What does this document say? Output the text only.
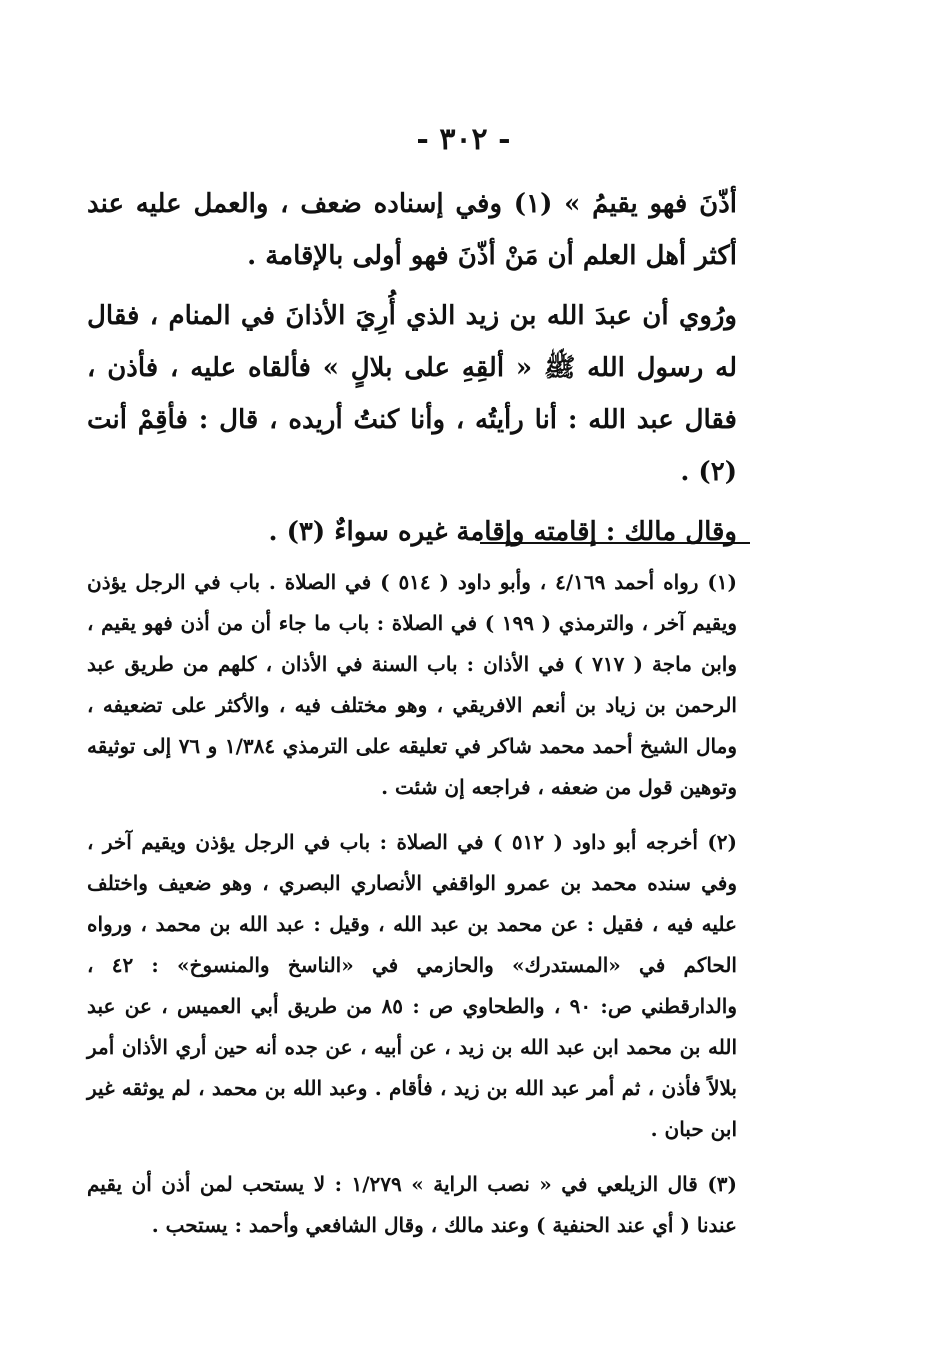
- ٣٠٢ -

أذّنَ فهو يقيمُ » (١) وفي إسناده ضعف ، والعمل عليه عند أكثر أهل العلم أن مَنْ أذّنَ فهو أولى بالإقامة .

ورُوي أن عبدَ الله بن زيد الذي أُرِيَ الأذانَ في المنام ، فقال له رسول الله ﷺ « ألقِهِ على بلالٍ » فألقاه عليه ، فأذن ، فقال عبد الله : أنا رأيتُه ، وأنا كنتُ أريده ، قال : فأقِمْ أنت (٢) .

وقال مالك : إقامته وإقامة غيره سواءٌ (٣) .

(١) رواه أحمد ٤/١٦٩ ، وأبو داود ( ٥١٤ ) في الصلاة . باب في الرجل يؤذن ويقيم آخر ، والترمذي ( ١٩٩ ) في الصلاة : باب ما جاء أن من أذن فهو يقيم ، وابن ماجة ( ٧١٧ ) في الأذان : باب السنة في الأذان ، كلهم من طريق عبد الرحمن بن زياد بن أنعم الافريقي ، وهو مختلف فيه ، والأكثر على تضعيفه ، ومال الشيخ أحمد محمد شاكر في تعليقه على الترمذي ١/٣٨٤ و ٧٦ إلى توثيقه وتوهين قول من ضعفه ، فراجعه إن شئت .

(٢) أخرجه أبو داود ( ٥١٢ ) في الصلاة : باب في الرجل يؤذن ويقيم آخر ، وفي سنده محمد بن عمرو الواقفي الأنصاري البصري ، وهو ضعيف واختلف عليه فيه ، فقيل : عن محمد بن عبد الله ، وقيل : عبد الله بن محمد ، ورواه الحاكم في «المستدرك» والحازمي في «الناسخ والمنسوخ» : ٤٢ ، والدارقطني ص: ٩٠ ، والطحاوي ص : ٨٥ من طريق أبي العميس ، عن عبد الله بن محمد ابن عبد الله بن زيد ، عن أبيه ، عن جده أنه حين أري الأذان أمر بلالاً فأذن ، ثم أمر عبد الله بن زيد ، فأقام . وعبد الله بن محمد ، لم يوثقه غير ابن حبان .

(٣) قال الزيلعي في « نصب الراية » ١/٢٧٩ : لا يستحب لمن أذن أن يقيم عندنا ( أي عند الحنفية ) وعند مالك ، وقال الشافعي وأحمد : يستحب .
